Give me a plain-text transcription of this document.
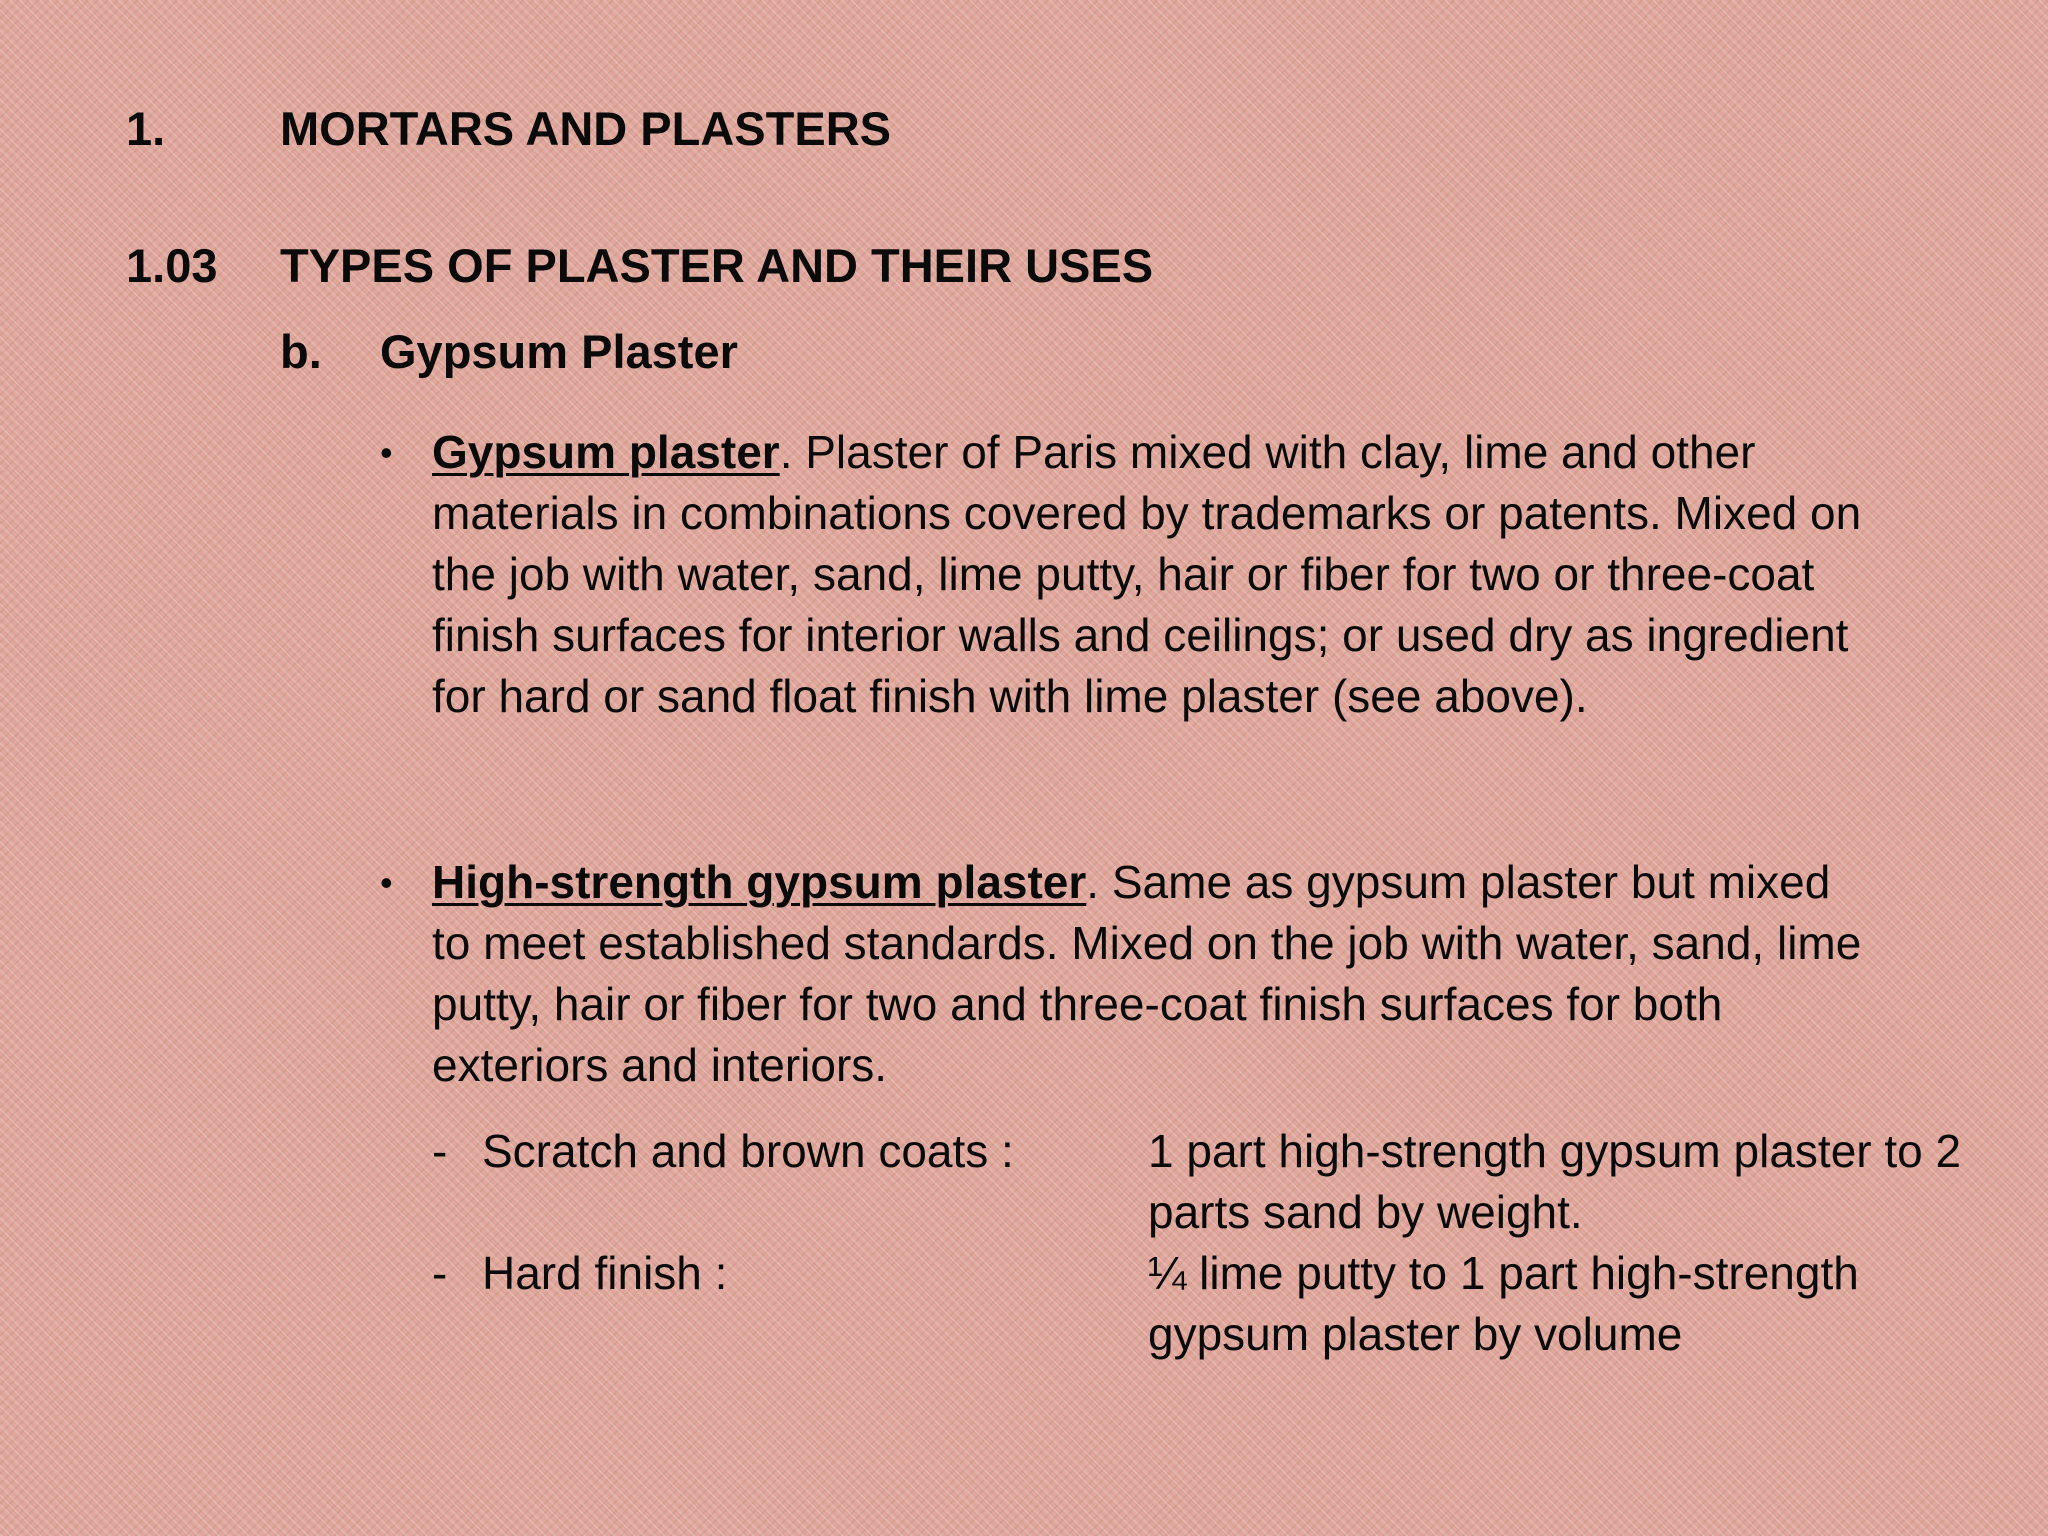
1. MORTARS AND PLASTERS
1.03 TYPES OF PLASTER AND THEIR USES
b. Gypsum Plaster
• Gypsum plaster. Plaster of Paris mixed with clay, lime and other materials in combinations covered by trademarks or patents. Mixed on the job with water, sand, lime putty, hair or fiber for two or three-coat finish surfaces for interior walls and ceilings; or used dry as ingredient for hard or sand float finish with lime plaster (see above).
• High-strength gypsum plaster. Same as gypsum plaster but mixed to meet established standards. Mixed on the job with water, sand, lime putty, hair or fiber for two and three-coat finish surfaces for both exteriors and interiors.
- Scratch and brown coats :	1 part high-strength gypsum plaster to 2 parts sand by weight.
- Hard finish :	¼ lime putty to 1 part high-strength gypsum plaster by volume
